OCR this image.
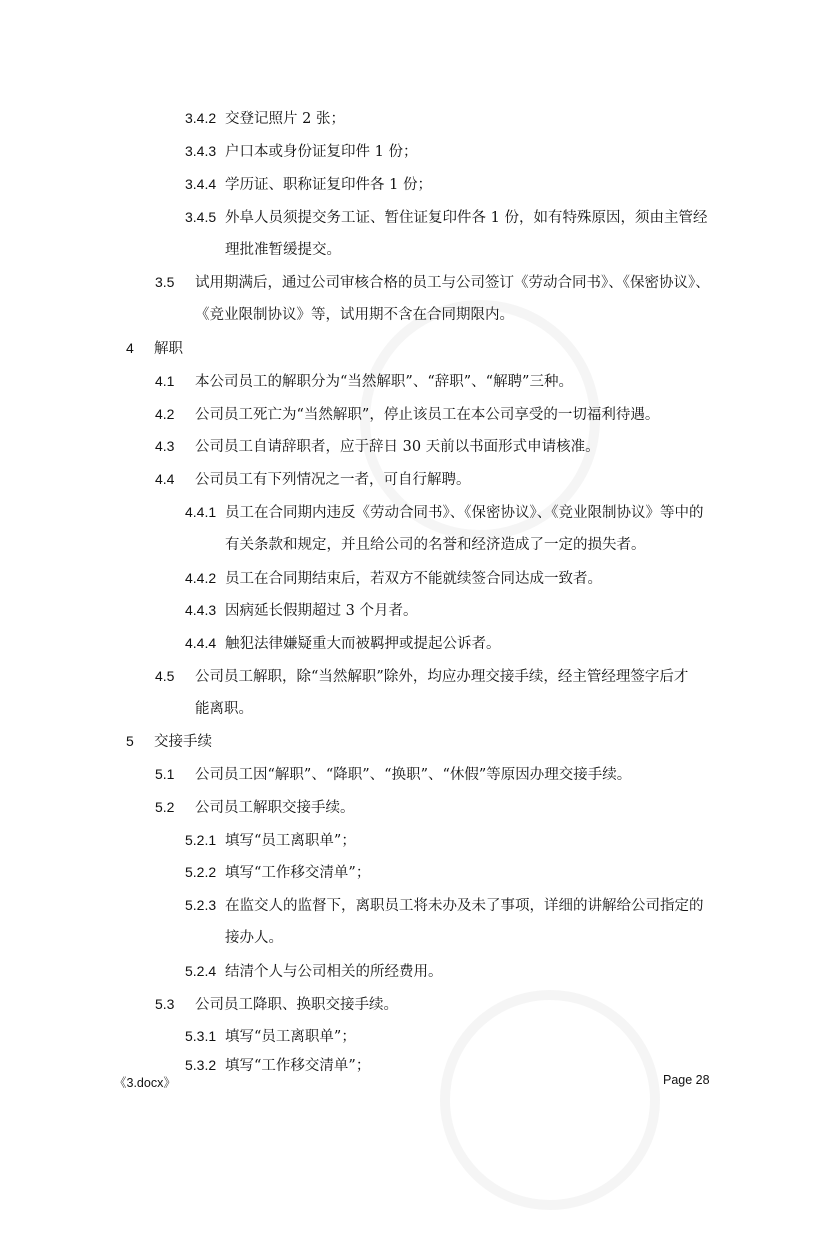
3.4.2 交登记照片 2 张；
3.4.3 户口本或身份证复印件 1 份；
3.4.4 学历证、职称证复印件各 1 份；
3.4.5 外阜人员须提交务工证、暂住证复印件各 1 份，如有特殊原因，须由主管经
理批准暂缓提交。
3.5 试用期满后，通过公司审核合格的员工与公司签订《劳动合同书》、《保密协议》、
《竞业限制协议》等，试用期不含在合同期限内。
4 解职
4.1 本公司员工的解职分为“当然解职”、“辞职”、“解聘”三种。
4.2 公司员工死亡为“当然解职”，停止该员工在本公司享受的一切福利待遇。
4.3 公司员工自请辞职者，应于辞日 30 天前以书面形式申请核准。
4.4 公司员工有下列情况之一者，可自行解聘。
4.4.1 员工在合同期内违反《劳动合同书》、《保密协议》、《竞业限制协议》等中的
有关条款和规定，并且给公司的名誉和经济造成了一定的损失者。
4.4.2 员工在合同期结束后，若双方不能就续签合同达成一致者。
4.4.3 因病延长假期超过 3 个月者。
4.4.4 触犯法律嫌疑重大而被羁押或提起公诉者。
4.5 公司员工解职，除“当然解职”除外，均应办理交接手续，经主管经理签字后才
能离职。
5 交接手续
5.1 公司员工因“解职”、“降职”、“换职”、“休假”等原因办理交接手续。
5.2 公司员工解职交接手续。
5.2.1 填写“员工离职单”；
5.2.2 填写“工作移交清单”；
5.2.3 在监交人的监督下，离职员工将未办及未了事项，详细的讲解给公司指定的
接办人。
5.2.4 结清个人与公司相关的所经费用。
5.3 公司员工降职、换职交接手续。
5.3.1 填写“员工离职单”；
5.3.2 填写“工作移交清单”；
《3.docx》	Page 28
